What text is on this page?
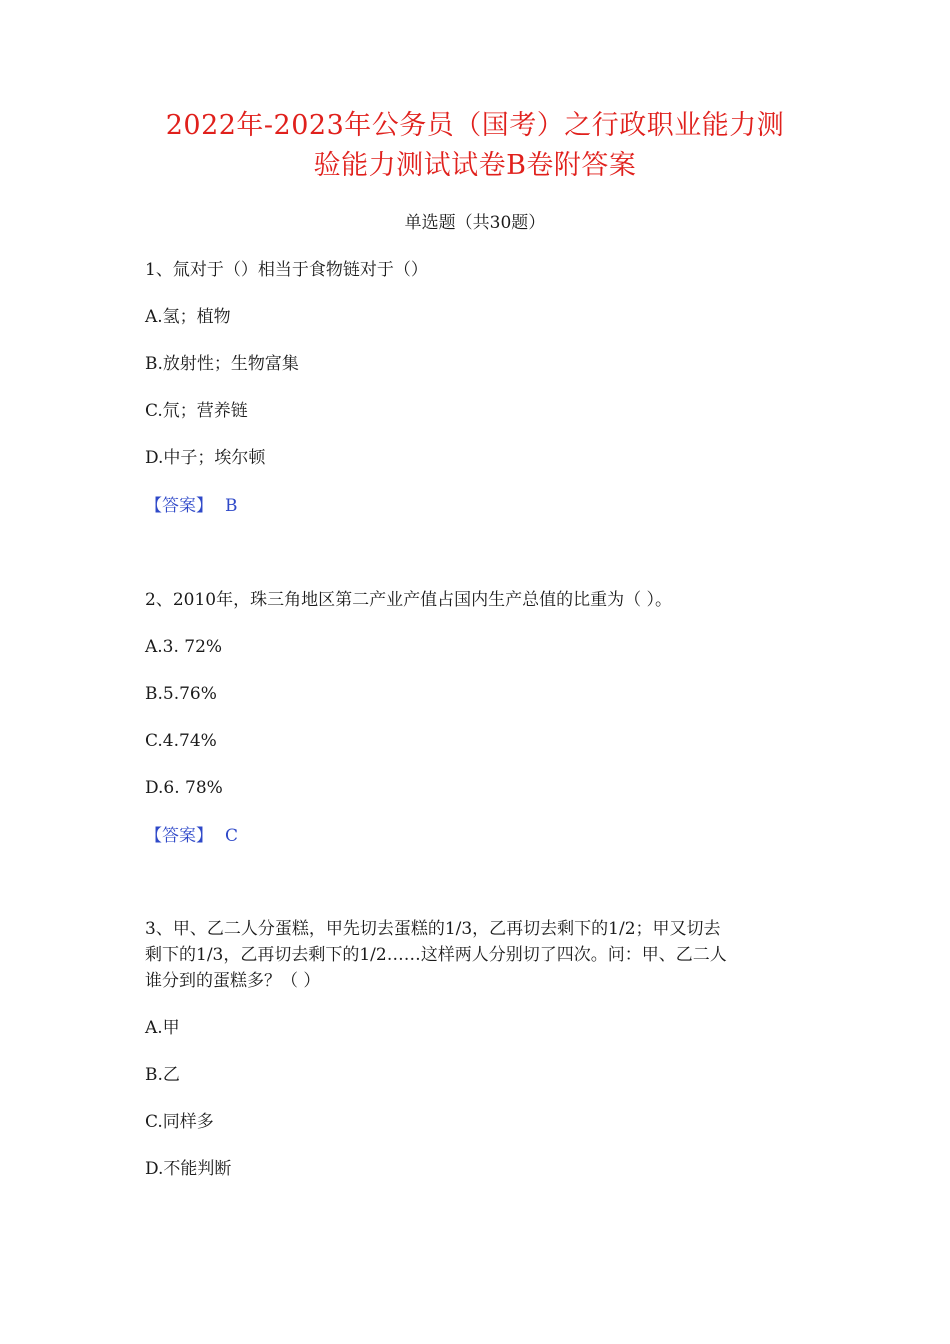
2022年-2023年公务员（国考）之行政职业能力测
验能力测试试卷B卷附答案
单选题（共30题）
1、氚对于（）相当于食物链对于（）
A.氢；植物
B.放射性；生物富集
C.氘；营养链
D.中子；埃尔顿
【答案】 B
2、2010年，珠三角地区第二产业产值占国内生产总值的比重为（ ）。
A.3. 72%
B.5.76%
C.4.74%
D.6. 78%
【答案】 C
3、甲、乙二人分蛋糕，甲先切去蛋糕的1/3，乙再切去剩下的1/2；甲又切去
剩下的1/3，乙再切去剩下的1/2……这样两人分别切了四次。问：甲、乙二人
谁分到的蛋糕多？（ ）
A.甲
B.乙
C.同样多
D.不能判断
